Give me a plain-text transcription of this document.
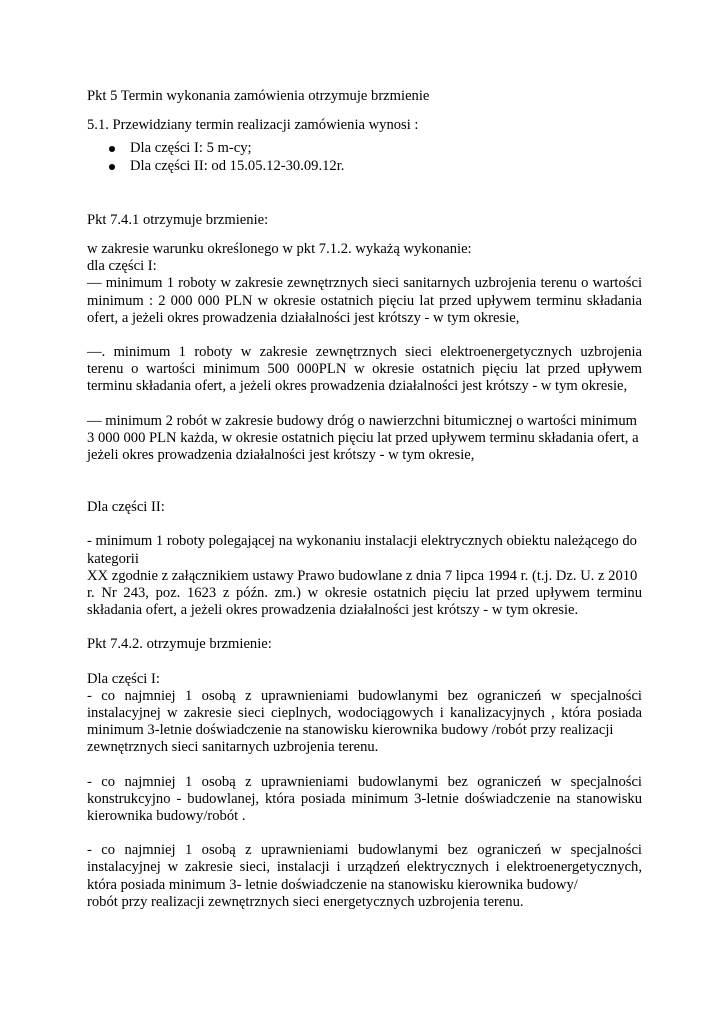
Pkt 5 Termin wykonania zamówienia otrzymuje brzmienie

5.1. Przewidziany termin realizacji zamówienia wynosi :

Dla części I: 5 m-cy;
Dla części II: od 15.05.12-30.09.12r.

Pkt 7.4.1 otrzymuje brzmienie:

w zakresie warunku określonego w pkt 7.1.2. wykażą wykonanie:
dla części I:
— minimum 1 roboty w zakresie zewnętrznych sieci sanitarnych uzbrojenia terenu o wartości
minimum : 2 000 000 PLN w okresie ostatnich pięciu lat przed upływem terminu składania
ofert, a jeżeli okres prowadzenia działalności jest krótszy - w tym okresie,
—. minimum 1 roboty w zakresie zewnętrznych sieci elektroenergetycznych uzbrojenia
terenu o wartości minimum 500 000PLN w okresie ostatnich pięciu lat przed upływem
terminu składania ofert, a jeżeli okres prowadzenia działalności jest krótszy - w tym okresie,
— minimum 2 robót w zakresie budowy dróg o nawierzchni bitumicznej o wartości minimum
3 000 000 PLN każda, w okresie ostatnich pięciu lat przed upływem terminu składania ofert, a
jeżeli okres prowadzenia działalności jest krótszy - w tym okresie,

Dla części II:

- minimum 1 roboty polegającej na wykonaniu instalacji elektrycznych obiektu należącego do
kategorii
XX zgodnie z załącznikiem ustawy Prawo budowlane z dnia 7 lipca 1994 r. (t.j. Dz. U. z 2010
r. Nr 243, poz. 1623 z późn. zm.) w okresie ostatnich pięciu lat przed upływem terminu
składania ofert, a jeżeli okres prowadzenia działalności jest krótszy - w tym okresie.

Pkt 7.4.2. otrzymuje brzmienie:

Dla części I:
- co najmniej 1 osobą z uprawnieniami budowlanymi bez ograniczeń w specjalności
instalacyjnej w zakresie sieci cieplnych, wodociągowych i kanalizacyjnych , która posiada
minimum 3-letnie doświadczenie na stanowisku kierownika budowy /robót przy realizacji
zewnętrznych sieci sanitarnych uzbrojenia terenu.
- co najmniej 1 osobą z uprawnieniami budowlanymi bez ograniczeń w specjalności
konstrukcyjno - budowlanej, która posiada minimum 3-letnie doświadczenie na stanowisku
kierownika budowy/robót .
- co najmniej 1 osobą z uprawnieniami budowlanymi bez ograniczeń w specjalności
instalacyjnej w zakresie sieci, instalacji i urządzeń elektrycznych i elektroenergetycznych,
która posiada minimum 3- letnie doświadczenie na stanowisku kierownika budowy/
robót przy realizacji zewnętrznych sieci energetycznych uzbrojenia terenu.
